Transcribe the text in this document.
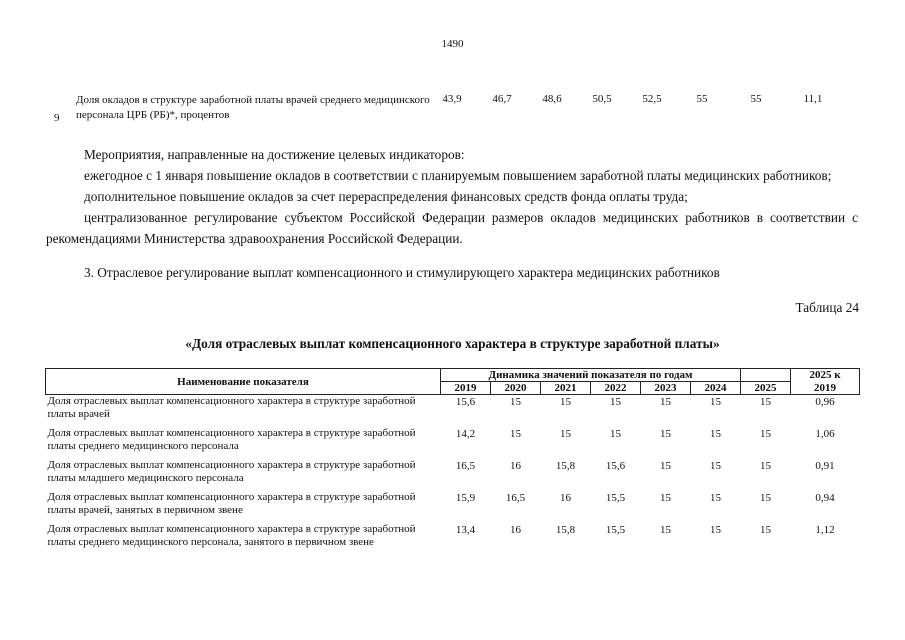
1490
9
Доля окладов в структуре заработной платы врачей среднего медицинского персонала ЦРБ (РБ)*, процентов
43,9	46,7	48,6	50,5	52,5	55	55	11,1

Мероприятия, направленные на достижение целевых индикаторов:

ежегодное с 1 января повышение окладов в соответствии с планируемым повышением заработной платы медицинских работников;

дополнительное повышение окладов за счет перераспределения финансовых средств фонда оплаты труда;

централизованное регулирование субъектом Российской Федерации размеров окладов медицинских работников в соответствии с рекомендациями Министерства здравоохранения Российской Федерации.

3. Отраслевое регулирование выплат компенсационного и стимулирующего характера медицинских работников
Таблица 24
«Доля отраслевых выплат компенсационного характера в структуре заработной платы»
Наименование показателя	Динамика значений показателя по годам							2025 к
	2019	2020	2021	2022	2023	2024	2025	2019
Доля отраслевых выплат компенсационного характера в структуре заработной платы врачей	15,6	15	15	15	15	15	15	0,96
Доля отраслевых выплат компенсационного характера в структуре заработной платы среднего медицинского персонала	14,2	15	15	15	15	15	15	1,06
Доля отраслевых выплат компенсационного характера в структуре заработной платы младшего медицинского персонала	16,5	16	15,8	15,6	15	15	15	0,91
Доля отраслевых выплат компенсационного характера в структуре заработной платы врачей, занятых в первичном звене	15,9	16,5	16	15,5	15	15	15	0,94
Доля отраслевых выплат компенсационного характера в структуре заработной платы среднего медицинского персонала, занятого в первичном звене	13,4	16	15,8	15,5	15	15	15	1,12
